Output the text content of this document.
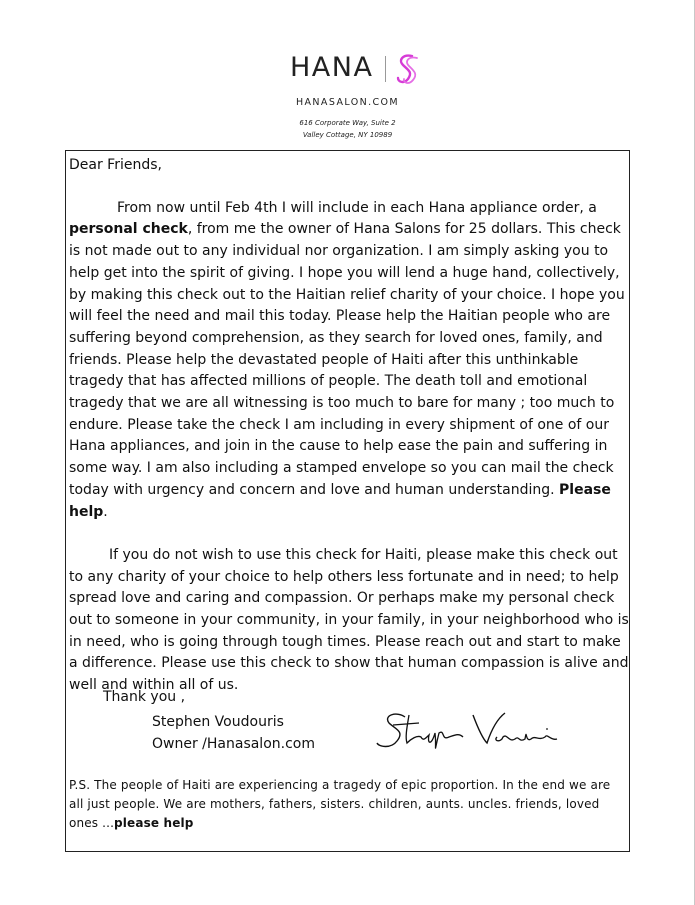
HANA
HANASALON.COM
616 Corporate Way, Suite 2
Valley Cottage, NY 10989

Dear Friends,

From now until Feb 4th I will include in each Hana appliance order, a personal check, from me the owner of Hana Salons for 25 dollars. This check is not made out to any individual nor organization. I am simply asking you to help get into the spirit of giving. I hope you will lend a huge hand, collectively, by making this check out to the Haitian relief charity of your choice. I hope you will feel the need and mail this today. Please help the Haitian people who are suffering beyond comprehension, as they search for loved ones, family, and friends. Please help the devastated people of Haiti after this unthinkable tragedy that has affected millions of people. The death toll and emotional tragedy that we are all witnessing is too much to bare for many ; too much to endure. Please take the check I am including in every shipment of one of our Hana appliances, and join in the cause to help ease the pain and suffering in some way. I am also including a stamped envelope so you can mail the check today with urgency and concern and love and human understanding. Please help.

If you do not wish to use this check for Haiti, please make this check out to any charity of your choice to help others less fortunate and in need; to help spread love and caring and compassion. Or perhaps make my personal check out to someone in your community, in your family, in your neighborhood who is in need, who is going through tough times. Please reach out and start to make a difference. Please use this check to show that human compassion is alive and well and within all of us.

Thank you ,
Stephen Voudouris
Owner /Hanasalon.com
P.S. The people of Haiti are experiencing a tragedy of epic proportion. In the end we are all just people. We are mothers, fathers, sisters. children, aunts. uncles. friends, loved ones ...please help
